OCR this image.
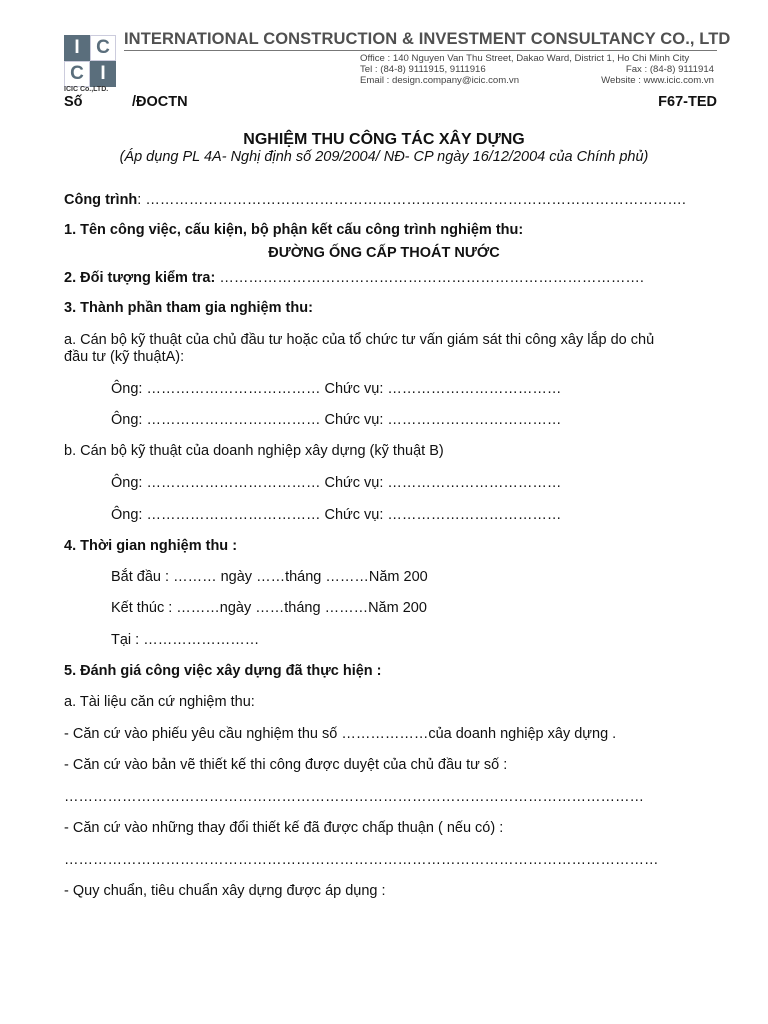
I C
C I
ICIC Co.,LTD.
INTERNATIONAL CONSTRUCTION & INVESTMENT CONSULTANCY CO., LTD
Office : 140 Nguyen Van Thu Street, Dakao Ward, District 1, Ho Chi Minh City
Tel : (84-8) 9111915, 9111916	Fax : (84-8) 9111914
Email : design.company@icic.com.vn	Website : www.icic.com.vn
Số	/ĐOCTN	F67-TED
NGHIỆM THU CÔNG TÁC XÂY DỰNG
(Áp dụng PL 4A- Nghị định số 209/2004/ NĐ- CP ngày 16/12/2004 của Chính phủ)
Công trình: ………………………………………………………………………………………………….
1. Tên công việc, cấu kiện, bộ phận kết cấu công trình nghiệm thu:
ĐƯỜNG ỐNG CẤP THOÁT NƯỚC
2. Đối tượng kiểm tra: …………………………………………………………………………….
3. Thành phần tham gia nghiệm thu:
a. Cán bộ kỹ thuật của chủ đầu tư hoặc của tổ chức tư vấn giám sát thi công xây lắp do chủ
đầu tư (kỹ thuậtA):
Ông: ……………………………… Chức vụ: ………………………………
Ông: ……………………………… Chức vụ: ………………………………
b. Cán bộ kỹ thuật của doanh nghiệp xây dựng (kỹ thuật B)
Ông: ……………………………… Chức vụ: ………………………………
Ông: ……………………………… Chức vụ: ………………………………
4. Thời gian nghiệm thu :
Bắt đầu : ……… ngày ……tháng ………Năm 200
Kết thúc : ………ngày ……tháng ………Năm 200
Tại : ……………………
5. Đánh giá công việc xây dựng đã thực hiện :
a. Tài liệu căn cứ nghiệm thu:
- Căn cứ vào phiếu yêu cầu nghiệm thu số ………………của doanh nghiệp xây dựng .
- Căn cứ vào bản vẽ thiết kế thi công được duyệt của chủ đầu tư số :
…………………………………………………………………………………………………………
- Căn cứ vào những thay đổi thiết kế đã được chấp thuận ( nếu có) :
……………………………………………………………………………………………………………
- Quy chuẩn, tiêu chuẩn xây dựng được áp dụng :
